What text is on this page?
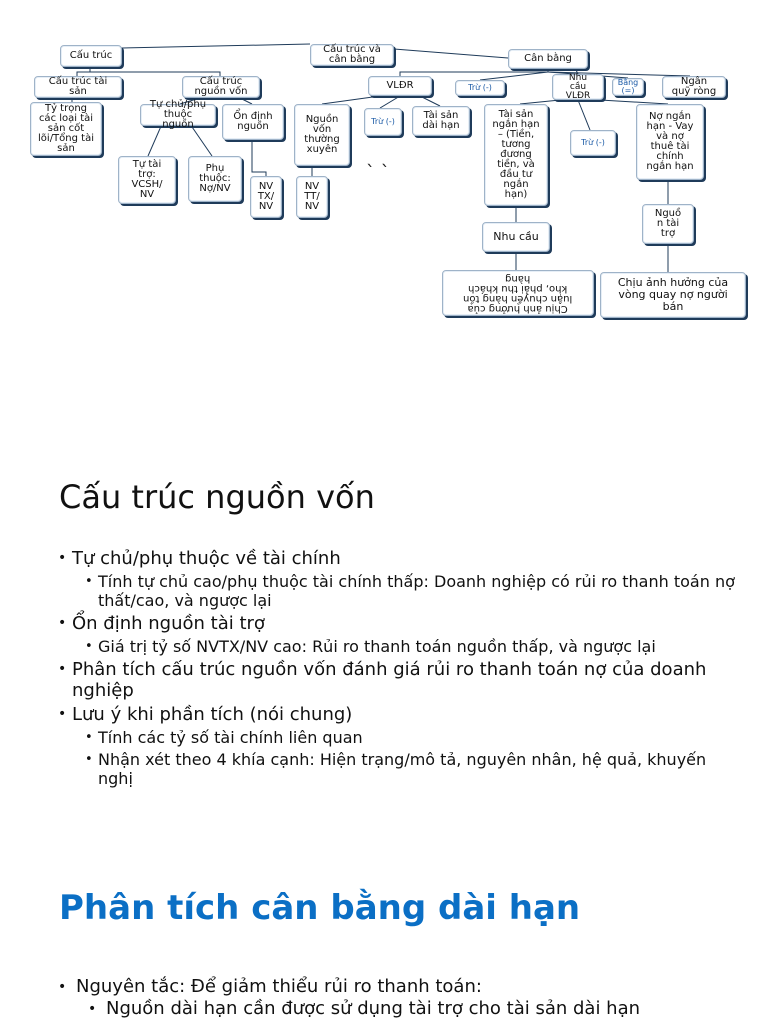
Cấu trúc
Cấu trúc và
cân bằng	Cân bằng
Cấu trúc tài
sản
Cấu trúc
nguồn vốn
VLĐR	Trừ (-)
Nhu
cầu
VLĐR
Bằng
(=)
Ngân
quỹ ròng
Tỷ trọng
các loại tài
sản cốt
lõi/Tổng tài
sản
Tự chủ/phụ
thuộc
nguồn
Ổn định
nguồn
Nguồn
vốn
thường
xuyên
Trừ (-)
Tài sản
dài hạn
Tài sản
ngắn hạn
– (Tiền,
tương
đương
tiền, và
đầu tư
ngắn
hạn)
Trừ (-)
Nợ ngắn
hạn - Vay
và nợ
thuê tài
chính
ngắn hạn
Tự tài
trợ:
VCSH/
NV
Phụ
thuộc:
Nợ/NV	NV
TX/
NV
NV
TT/
NV
` `
Nhu cầu
Nguồ
n tài
trợ
Chịu ảnh hưởng của
luận chuyển hàng tồn
kho, phải thu khách
hàng	Chịu ảnh hưởng của
vòng quay nợ người
bán
Cấu trúc nguồn vốn
• Tự chủ/phụ thuộc về tài chính
• Tính tự chủ cao/phụ thuộc tài chính thấp: Doanh nghiệp có rủi ro thanh toán nợ thất/cao, và ngược lại
• Ổn định nguồn tài trợ
• Giá trị tỷ số NVTX/NV cao: Rủi ro thanh toán nguồn thấp, và ngược lại
• Phân tích cấu trúc nguồn vốn đánh giá rủi ro thanh toán nợ của doanh nghiệp
• Lưu ý khi phần tích (nói chung)
• Tính các tỷ số tài chính liên quan
• Nhận xét theo 4 khía cạnh: Hiện trạng/mô tả, nguyên nhân, hệ quả, khuyến nghị
Phân tích cân bằng dài hạn
• Nguyên tắc: Để giảm thiểu rủi ro thanh toán:
• Nguồn dài hạn cần được sử dụng tài trợ cho tài sản dài hạn
